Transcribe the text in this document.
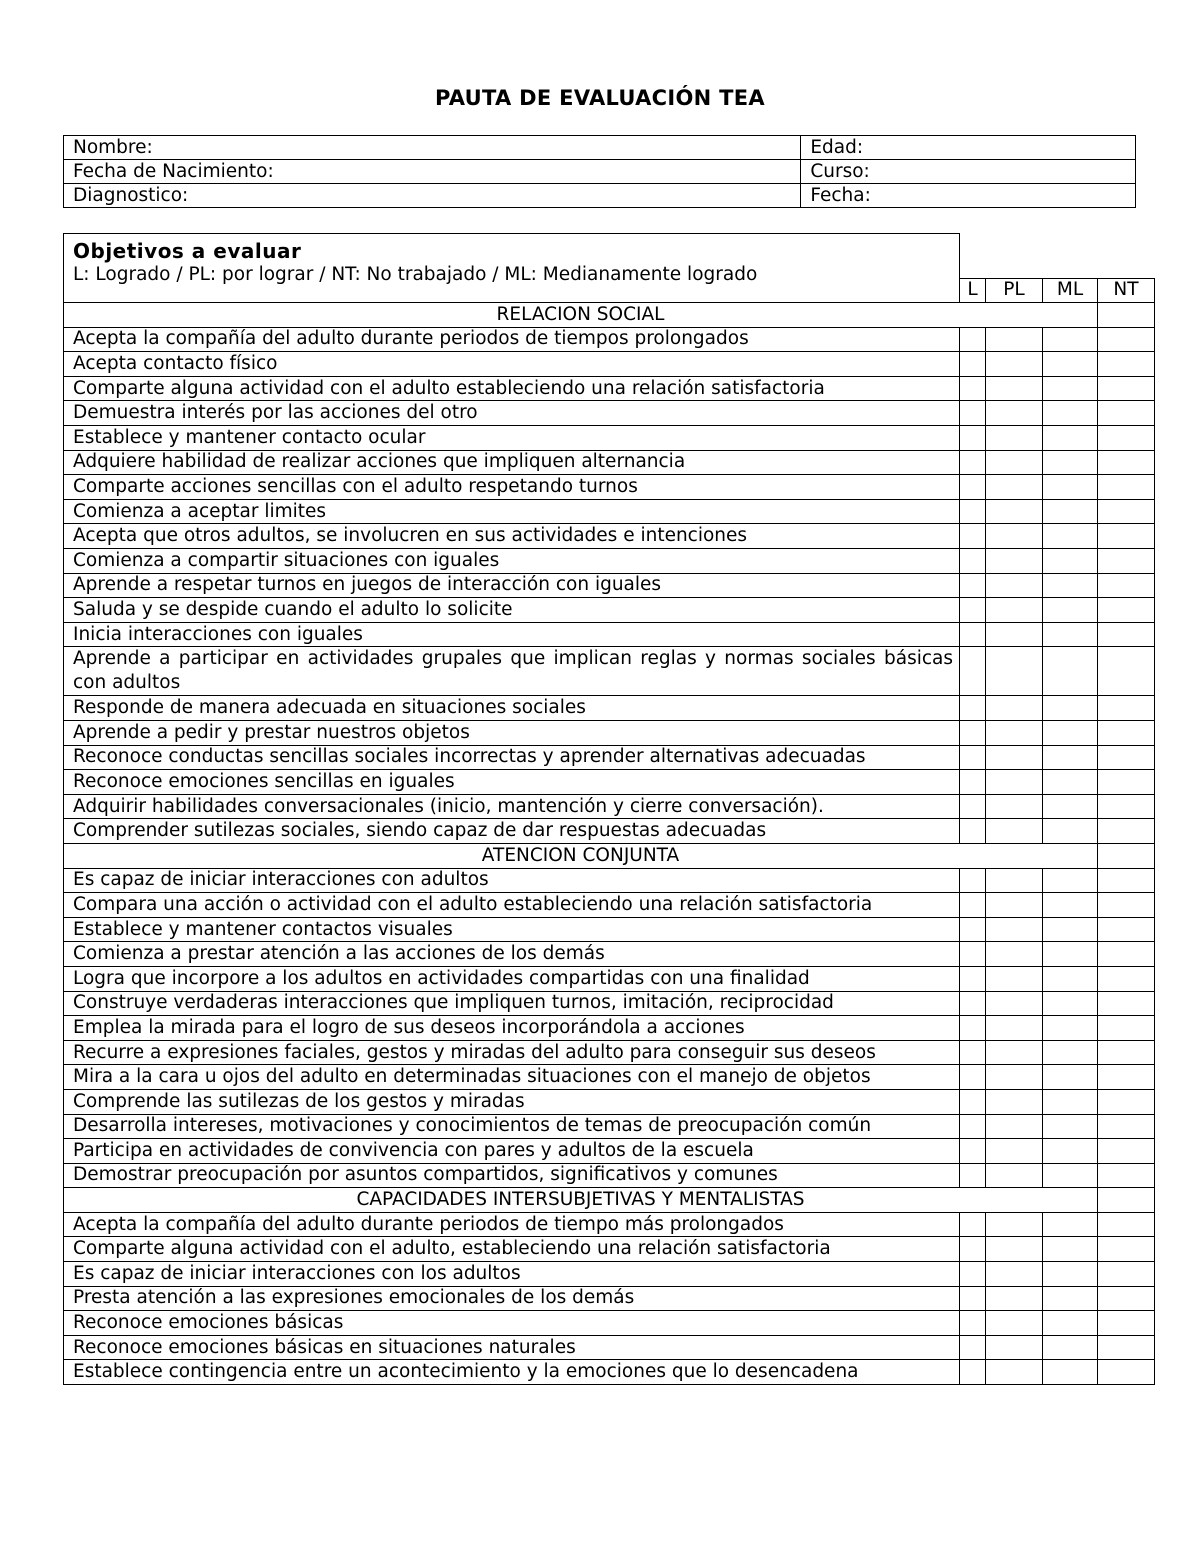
PAUTA DE EVALUACIÓN TEA
Nombre:	Edad:
Fecha de Nacimiento:	Curso:
Diagnostico:	Fecha:
Objetivos a evaluar
L: Logrado / PL: por lograr / NT: No trabajado / ML: Medianamente logrado				

	L	PL	ML	NT
RELACION SOCIAL				
Acepta la compañía del adulto durante periodos de tiempos prolongados				
Acepta contacto físico				
Comparte alguna actividad con el adulto estableciendo una relación satisfactoria				
Demuestra interés por las acciones del otro				
Establece y mantener contacto ocular				
Adquiere habilidad de realizar acciones que impliquen alternancia				
Comparte acciones sencillas con el adulto respetando turnos				
Comienza a aceptar limites				
Acepta que otros adultos, se involucren en sus actividades e intenciones				
Comienza a compartir situaciones con iguales				
Aprende a respetar turnos en juegos de interacción con iguales				
Saluda y se despide cuando el adulto lo solicite				
Inicia interacciones con iguales				
Aprende a participar en actividades grupales que implican reglas y normas sociales básicas con adultos				
Responde de manera adecuada en situaciones sociales				
Aprende a pedir y prestar nuestros objetos				
Reconoce conductas sencillas sociales incorrectas y aprender alternativas adecuadas				
Reconoce emociones sencillas en iguales				
Adquirir habilidades conversacionales (inicio, mantención y cierre conversación).				
Comprender sutilezas sociales, siendo capaz de dar respuestas adecuadas				
ATENCION CONJUNTA				
Es capaz de iniciar interacciones con adultos				
Compara una acción o actividad con el adulto estableciendo una relación satisfactoria				
Establece y mantener contactos visuales				
Comienza a prestar atención a las acciones de los demás				
Logra que incorpore a los adultos en actividades compartidas con una finalidad				
Construye verdaderas interacciones que impliquen turnos, imitación, reciprocidad				
Emplea la mirada para el logro de sus deseos incorporándola a acciones				
Recurre a expresiones faciales, gestos y miradas del adulto para conseguir sus deseos				
Mira a la cara u ojos del adulto en determinadas situaciones con el manejo de objetos				
Comprende las sutilezas de los gestos y miradas				
Desarrolla intereses, motivaciones y conocimientos de temas de preocupación común				
Participa en actividades de convivencia con pares y adultos de la escuela				
Demostrar preocupación por asuntos compartidos, significativos y comunes				
CAPACIDADES INTERSUBJETIVAS Y MENTALISTAS				
Acepta la compañía del adulto durante periodos de tiempo más prolongados				
Comparte alguna actividad con el adulto, estableciendo una relación satisfactoria				
Es capaz de iniciar interacciones con los adultos				
Presta atención a las expresiones emocionales de los demás				
Reconoce emociones básicas				
Reconoce emociones básicas en situaciones naturales				
Establece contingencia entre un acontecimiento y la emociones que lo desencadena				
